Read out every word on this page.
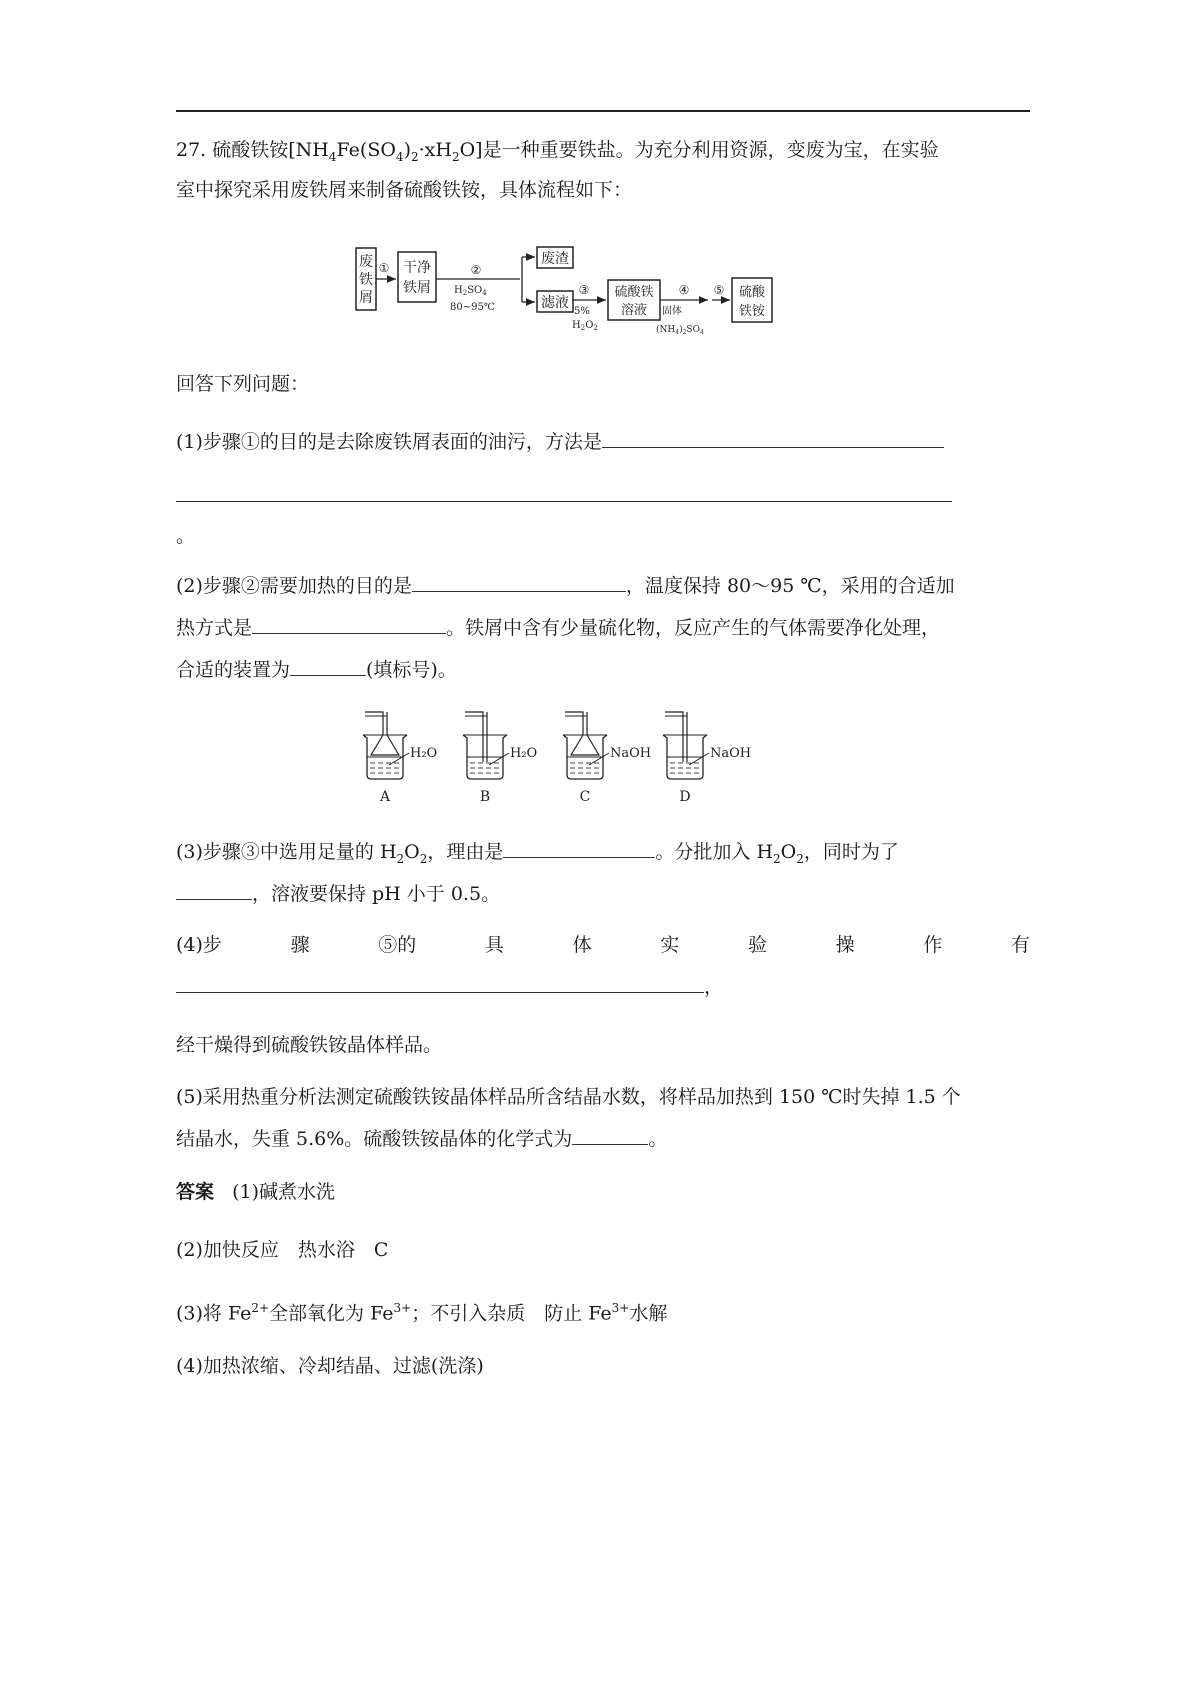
27. 硫酸铁铵$[NH_4Fe(SO_4)_2\cdot xH_2O]$是一种重要铁盐。为充分利用资源，变废为宝，在实验
室中探究采用废铁屑来制备硫酸铁铵，具体流程如下：
废
铁
屑
① 干净
铁屑
②
$H_2SO_4$
80~95℃
废渣
滤液
③
5%
$H_2O_2$
硫酸铁
溶液
④
固体
$(NH_4)_2SO_4$
⑤ 硫酸
铁铵
回答下列问题：
(1)步骤①的目的是去除废铁屑表面的油污，方法是
。
(2)步骤②需要加热的目的是	，温度保持 80～95 ℃，采用的合适加
热方式是	。铁屑中含有少量硫化物，反应产生的气体需要净化处理，
合适的装置为	(填标号)。
H₂O
A
H₂O
B
NaOH
C
NaOH
D
(3)步骤③中选用足量的 $H_2O_2$，理由是	。分批加入 $H_2O_2$，同时为了
，溶液要保持 pH 小于 0.5。
(4)步	骤	⑤的	具	体	实	验	操	作	有
，
经干燥得到硫酸铁铵晶体样品。
(5)采用热重分析法测定硫酸铁铵晶体样品所含结晶水数，将样品加热到 150 ℃时失掉 1.5 个
结晶水，失重 5.6%。硫酸铁铵晶体的化学式为	。
答案 (1)碱煮水洗
(2)加快反应　热水浴　C
(3)将 $Fe^{2+}$全部氧化为 $Fe^{3+}$；不引入杂质　防止 $Fe^{3+}$水解
(4)加热浓缩、冷却结晶、过滤(洗涤)
